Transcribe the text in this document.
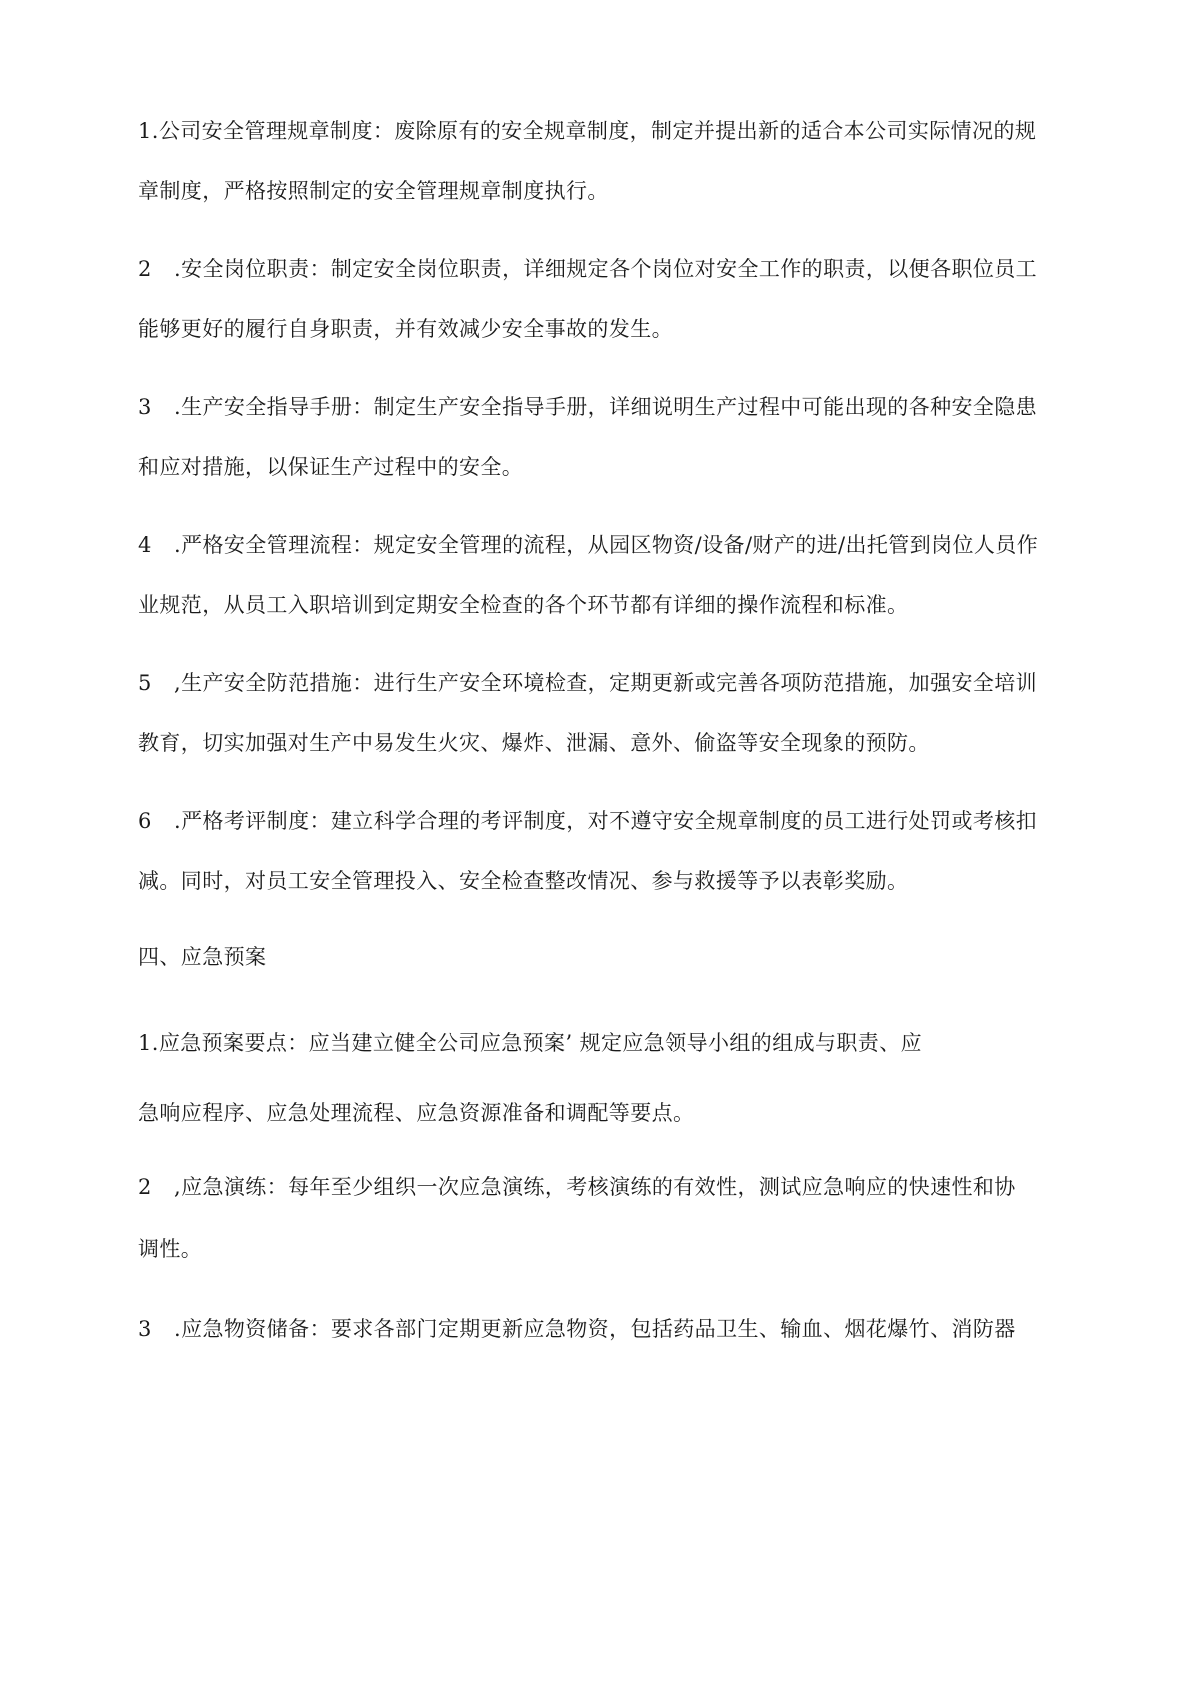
1.公司安全管理规章制度：废除原有的安全规章制度，制定并提出新的适合本公司实际情况的规
章制度，严格按照制定的安全管理规章制度执行。
2 .安全岗位职责：制定安全岗位职责，详细规定各个岗位对安全工作的职责，以便各职位员工
能够更好的履行自身职责，并有效减少安全事故的发生。
3 .生产安全指导手册：制定生产安全指导手册，详细说明生产过程中可能出现的各种安全隐患
和应对措施，以保证生产过程中的安全。
4 .严格安全管理流程：规定安全管理的流程，从园区物资/设备/财产的进/出托管到岗位人员作
业规范，从员工入职培训到定期安全检查的各个环节都有详细的操作流程和标准。
5 ,生产安全防范措施：进行生产安全环境检查，定期更新或完善各项防范措施，加强安全培训
教育，切实加强对生产中易发生火灾、爆炸、泄漏、意外、偷盗等安全现象的预防。
6 .严格考评制度：建立科学合理的考评制度，对不遵守安全规章制度的员工进行处罚或考核扣
减。同时，对员工安全管理投入、安全检查整改情况、参与救援等予以表彰奖励。
四、应急预案
1.应急预案要点：应当建立健全公司应急预案’ 规定应急领导小组的组成与职责、应
急响应程序、应急处理流程、应急资源准备和调配等要点。
2 ,应急演练：每年至少组织一次应急演练，考核演练的有效性，测试应急响应的快速性和协
调性。
3 .应急物资储备：要求各部门定期更新应急物资，包括药品卫生、输血、烟花爆竹、消防器
